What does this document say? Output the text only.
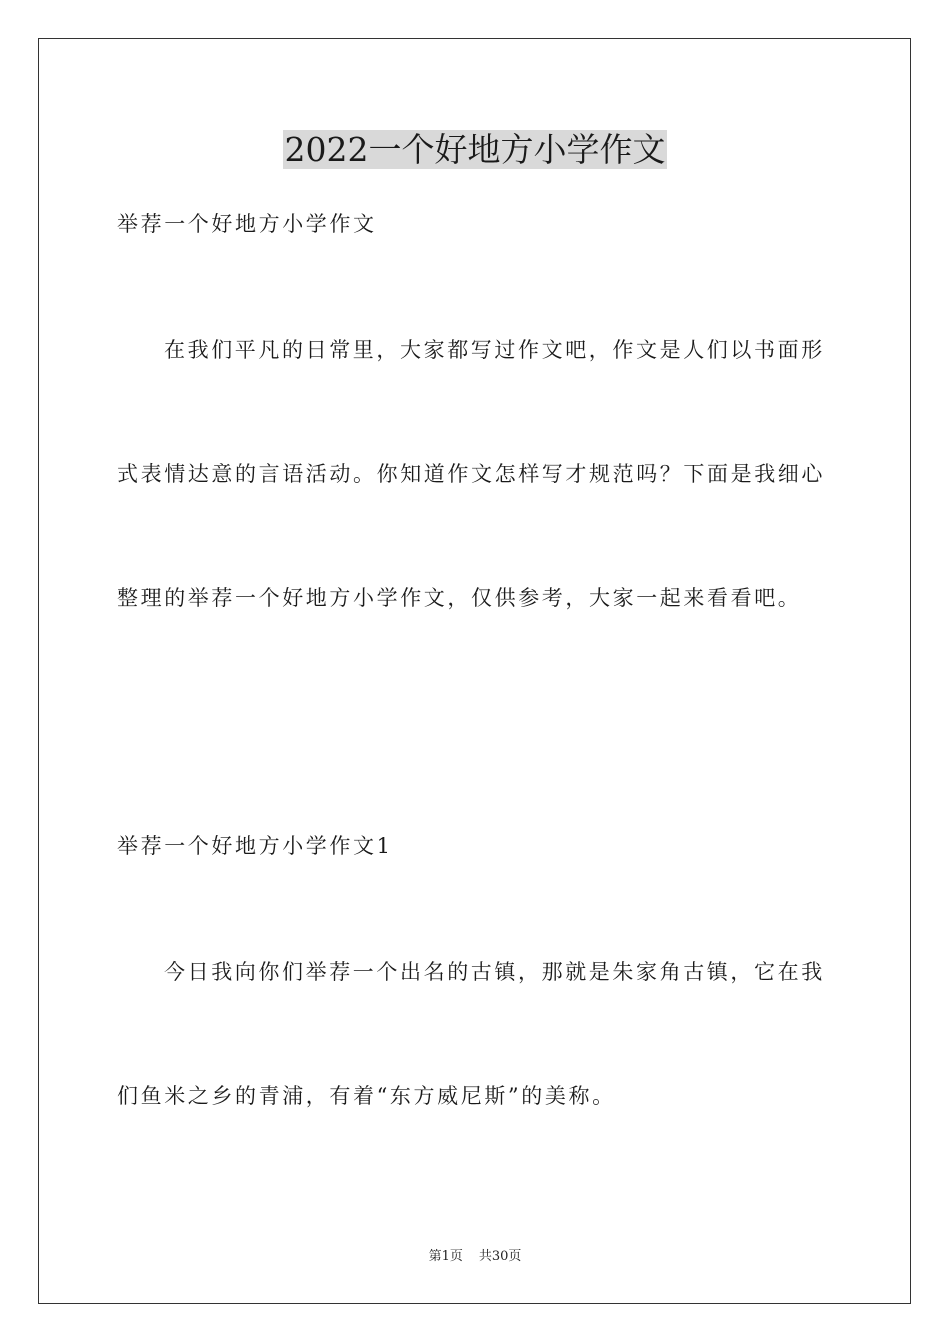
2022一个好地方小学作文

举荐一个好地方小学作文

在我们平凡的日常里，大家都写过作文吧，作文是人们以书面形

式表情达意的言语活动。你知道作文怎样写才规范吗？下面是我细心

整理的举荐一个好地方小学作文，仅供参考，大家一起来看看吧。

举荐一个好地方小学作文1

今日我向你们举荐一个出名的古镇，那就是朱家角古镇，它在我

们鱼米之乡的青浦，有着“东方威尼斯”的美称。

第1页 共30页
